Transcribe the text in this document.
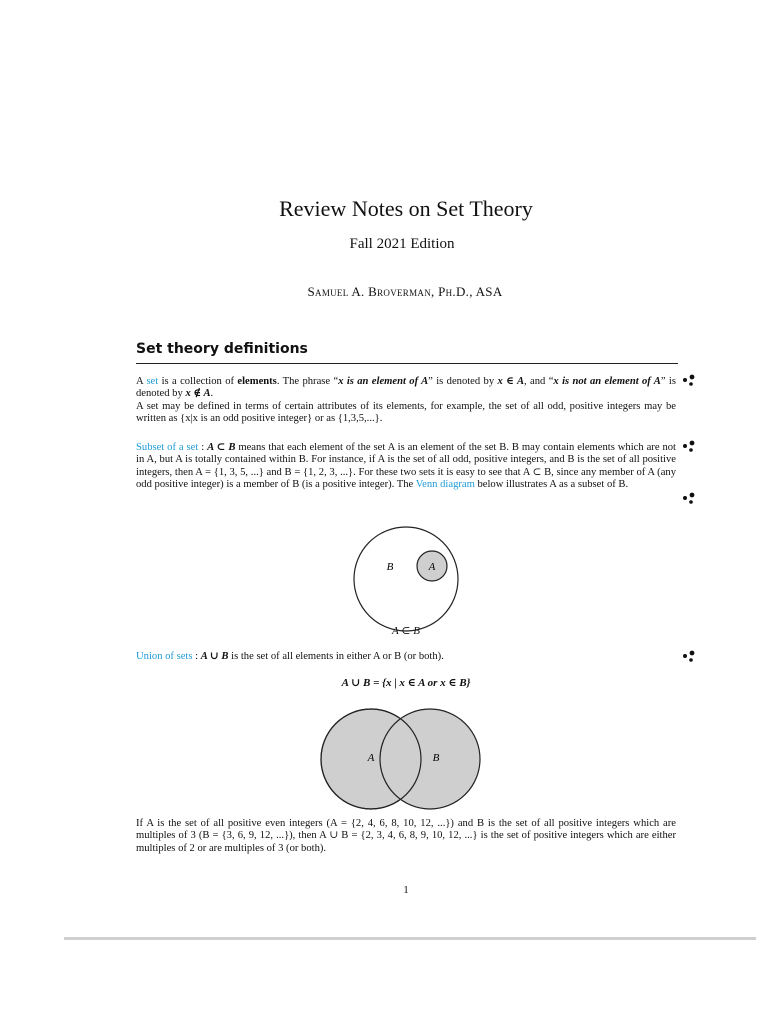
Review Notes on Set Theory
Fall 2021 Edition
Samuel A. Broverman, Ph.D., ASA
Set theory definitions

A set is a collection of elements. The phrase “x is an element of A” is denoted by x ∈ A, and “x is not an element of A” is denoted by x ∉ A.

A set may be defined in terms of certain attributes of its elements, for example, the set of all odd, positive integers may be written as {x|x is an odd positive integer} or as {1,3,5,...}.

Subset of a set : A ⊂ B means that each element of the set A is an element of the set B. B may contain elements which are not in A, but A is totally contained within B. For instance, if A is the set of all odd, positive integers, and B is the set of all positive integers, then A = {1, 3, 5, ...} and B = {1, 2, 3, ...}. For these two sets it is easy to see that A ⊂ B, since any member of A (any odd positive integer) is a member of B (is a positive integer). The Venn diagram below illustrates A as a subset of B.

B	A
A ⊂ B

Union of sets : A ∪ B is the set of all elements in either A or B (or both).

A ∪ B = {x | x ∈ A or x ∈ B}
A	B
If A is the set of all positive even integers (A = {2, 4, 6, 8, 10, 12, ...}) and B is the set of all positive integers which are multiples of 3 (B = {3, 6, 9, 12, ...}), then A ∪ B = {2, 3, 4, 6, 8, 9, 10, 12, ...} is the set of positive integers which are either multiples of 2 or are multiples of 3 (or both).
1
